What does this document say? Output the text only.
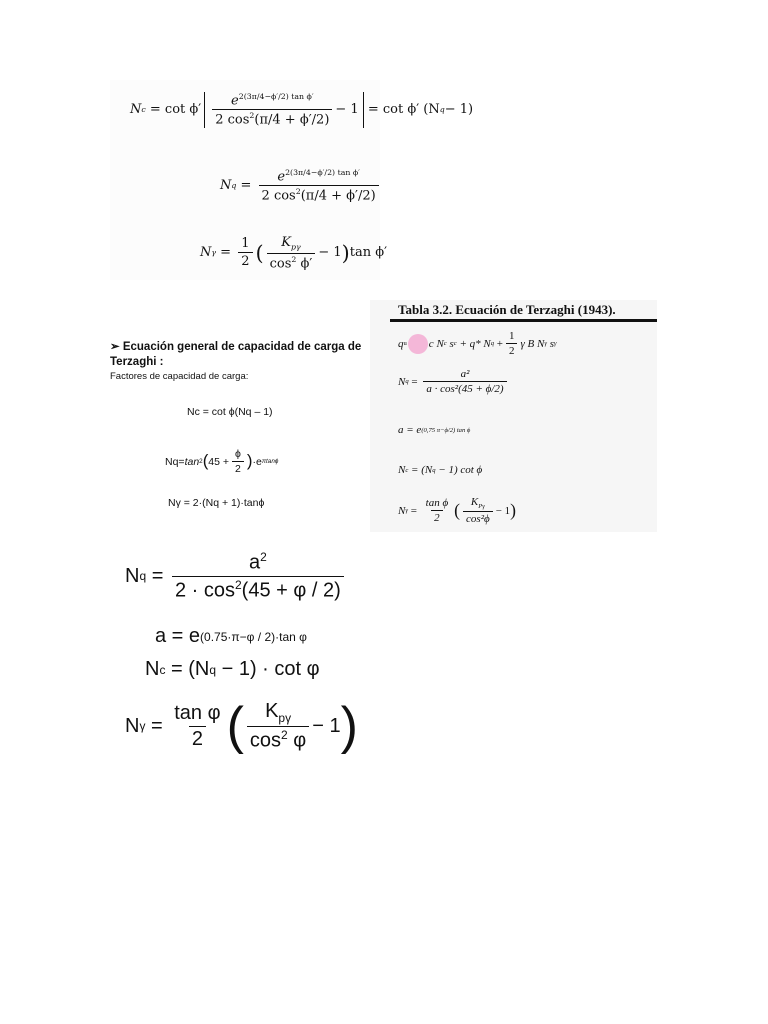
N $c = \cot \phi' \frac{e^{2(3\pi/4-\phi'/2) tan \phi'}}{2 \cos^2(\pi/4 + \phi'/2)} - 1$
= cot ϕ′ (N q − 1)
N $q = \frac{e^{2(3\pi/4-\phi'/2) tan \phi'}}{2 \cos^2(\pi/4 + \phi'/2)}$
N $\gamma = \frac{1}{2}$ ( $\frac{K_{p\gamma}}{\cos^2 \phi'} - 1$ ) tan ϕ′
➢ Ecuación general de capacidad de carga de Terzaghi :
Factores de capacidad de carga:
Nc = cot ϕ(Nq – 1)
Nq= tan 2 ( $45 + \frac{\phi}{2}$ ) ·e πtanϕ
Nγ = 2·(Nq + 1)·tanϕ
Tabla 3.2. Ecuación de Terzaghi (1943).
q u c
N c
s c
+ q* N q
+ $\frac{1}{2}$ γ B N γ
s γ
N $q = \frac{\text{a²}}{\text{a · cos²(45 + ϕ/2)}}$
a = e (0,75 π−ϕ/2) tan ϕ
N c
= (N q
− 1) cot ϕ
N $\gamma = \frac{\text{tan ϕ}}{2}$ ( $\frac{K_{P\gamma}}{\text{cos²ϕ}} - 1$ )
N $q = \frac{a^2}{2 \cdot \cos^2(45 + \varphi / 2)}$
a = e (0.75·π−φ / 2)·tan φ
N c
= (N q
− 1) · cot φ
N $\gamma = \frac{\text{tan φ}}{2}$ ( $\frac{K_{p\gamma}}{\cos^2 \varphi} - 1$ )
